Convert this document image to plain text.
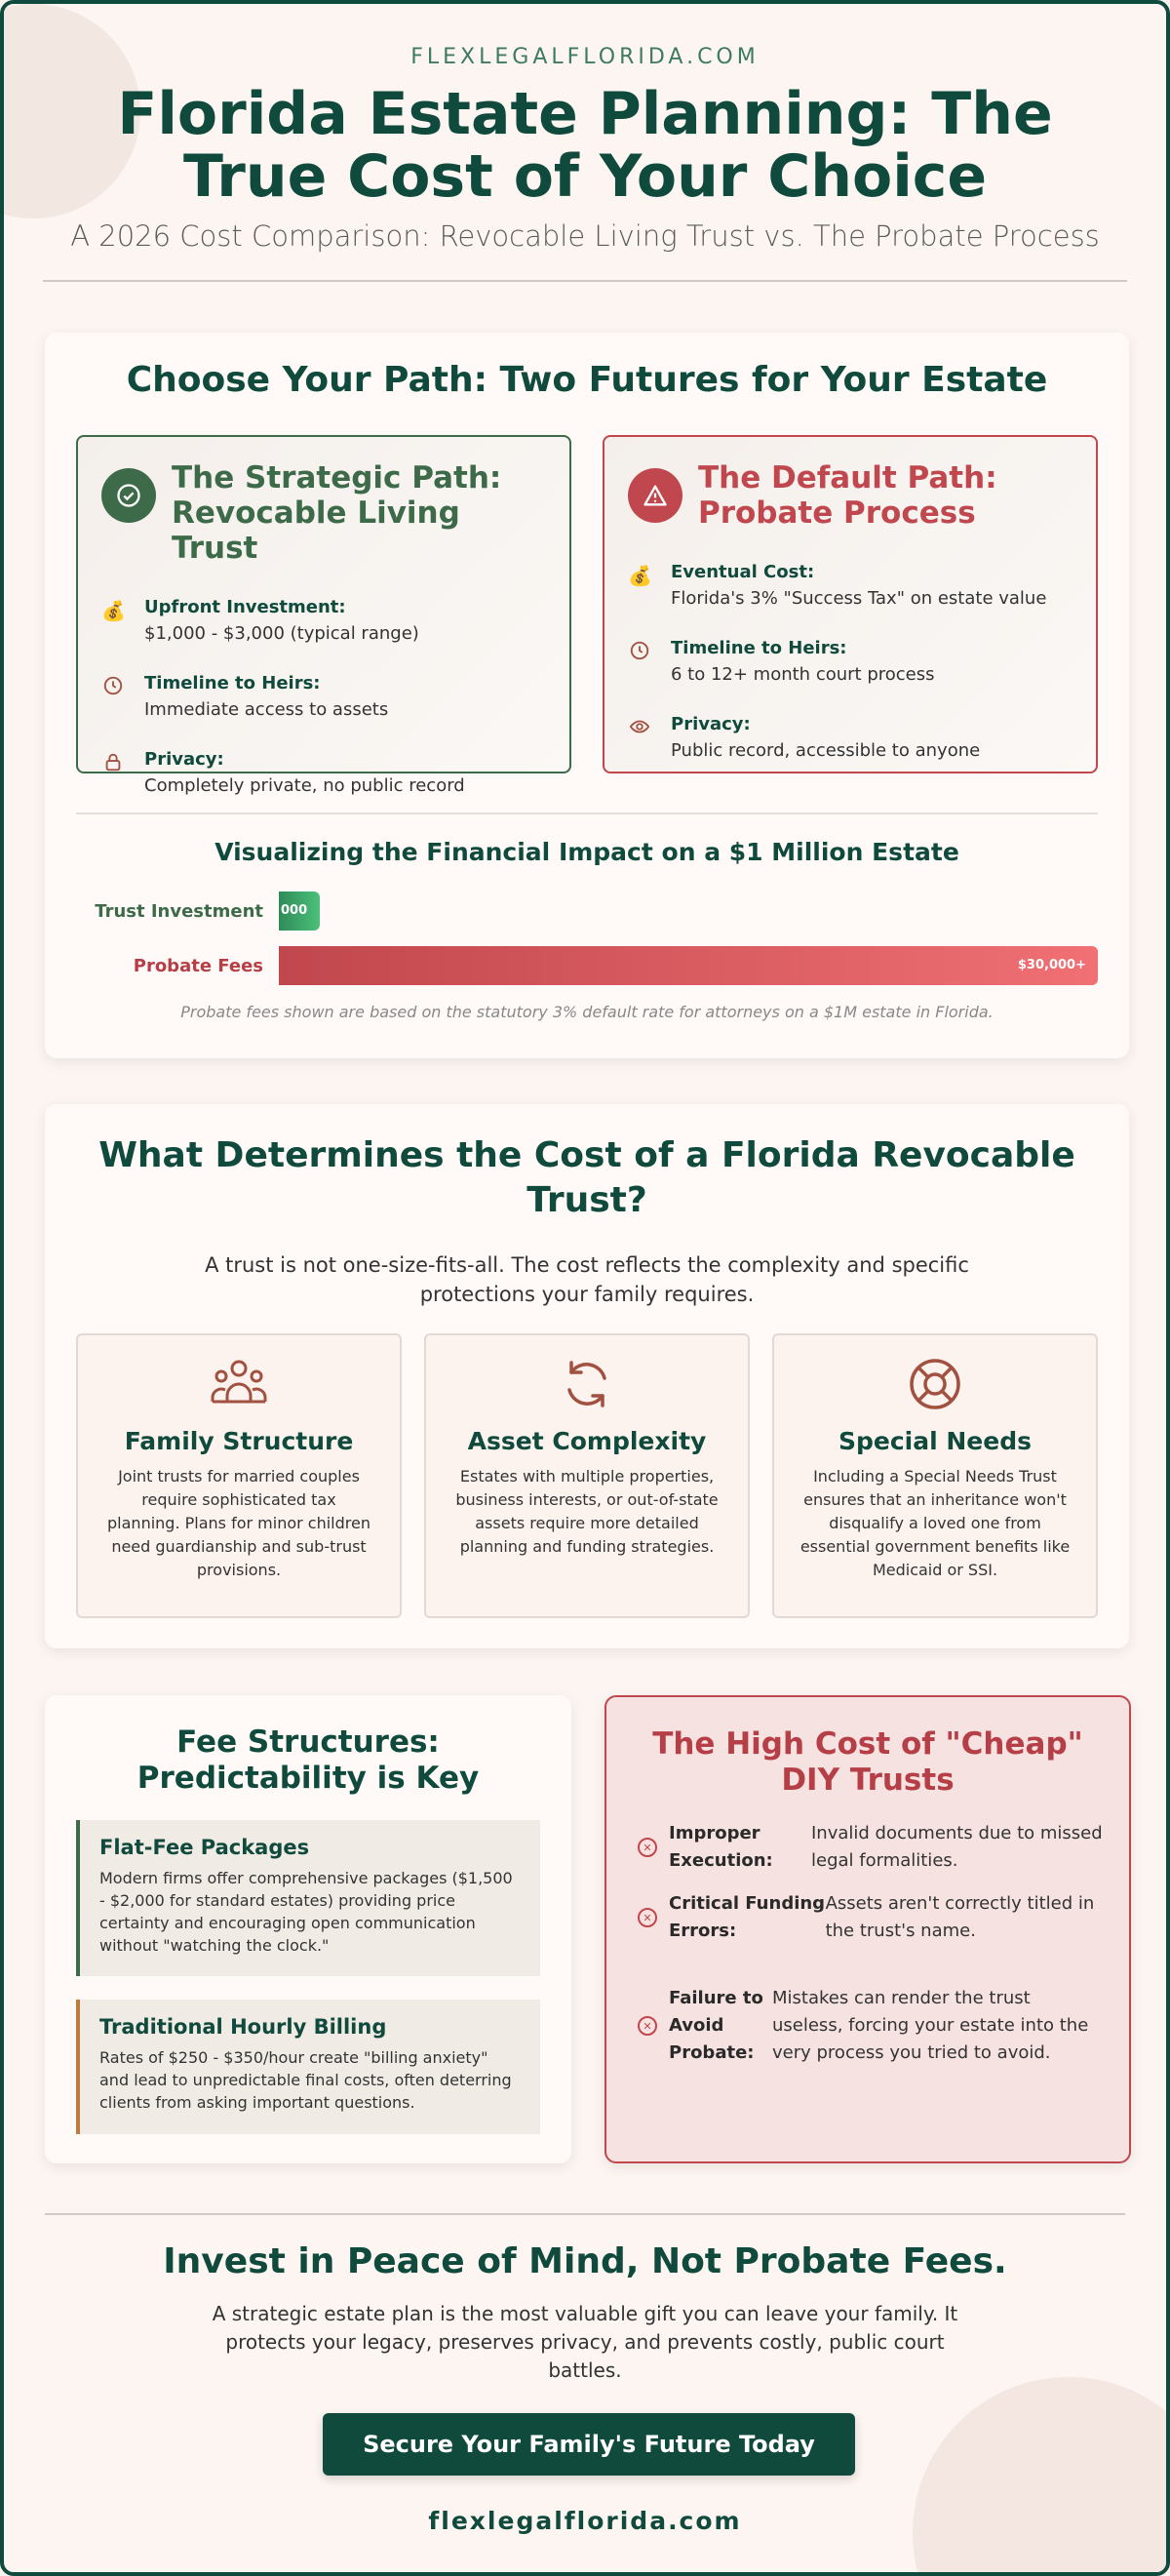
FLEXLEGALFLORIDA.COM
Florida Estate Planning: The
True Cost of Your Choice
A 2026 Cost Comparison: Revocable Living Trust vs. The Probate Process
Choose Your Path: Two Futures for Your Estate
The Strategic Path:
Revocable Living Trust
💰 Upfront Investment:
$1,000 - $3,000 (typical range)
Timeline to Heirs:
Immediate access to assets
Privacy:
Completely private, no public record
The Default Path:
Probate Process
💰 Eventual Cost:
Florida's 3% "Success Tax" on estate value
Timeline to Heirs:
6 to 12+ month court process
Privacy:
Public record, accessible to anyone
Visualizing the Financial Impact on a $1 Million Estate
Trust Investment	000
Probate Fees	$30,000+
Probate fees shown are based on the statutory 3% default rate for attorneys on a $1M estate in Florida.
What Determines the Cost of a Florida Revocable Trust?
A trust is not one-size-fits-all. The cost reflects the complexity and specific protections your family requires.
Family Structure
Joint trusts for married couples require sophisticated tax planning. Plans for minor children need guardianship and sub-trust provisions.
Asset Complexity
Estates with multiple properties, business interests, or out-of-state assets require more detailed planning and funding strategies.
Special Needs
Including a Special Needs Trust ensures that an inheritance won't disqualify a loved one from essential government benefits like Medicaid or SSI.
Fee Structures:
Predictability is Key
Flat-Fee Packages
Modern firms offer comprehensive packages ($1,500 - $2,000 for standard estates) providing price certainty and encouraging open communication without "watching the clock."
Traditional Hourly Billing
Rates of $250 - $350/hour create "billing anxiety" and lead to unpredictable final costs, often deterring clients from asking important questions.
The High Cost of "Cheap"
DIY Trusts
✕
Improper Execution:
Invalid documents due to missed legal formalities.
✕
Critical Funding Errors:
Assets aren't correctly titled in the trust's name.
✕
Failure to Avoid Probate:
Mistakes can render the trust useless, forcing your estate into the very process you tried to avoid.
Invest in Peace of Mind, Not Probate Fees.
A strategic estate plan is the most valuable gift you can leave your family. It protects your legacy, preserves privacy, and prevents costly, public court battles.
Secure Your Family's Future Today
flexlegalflorida.com
